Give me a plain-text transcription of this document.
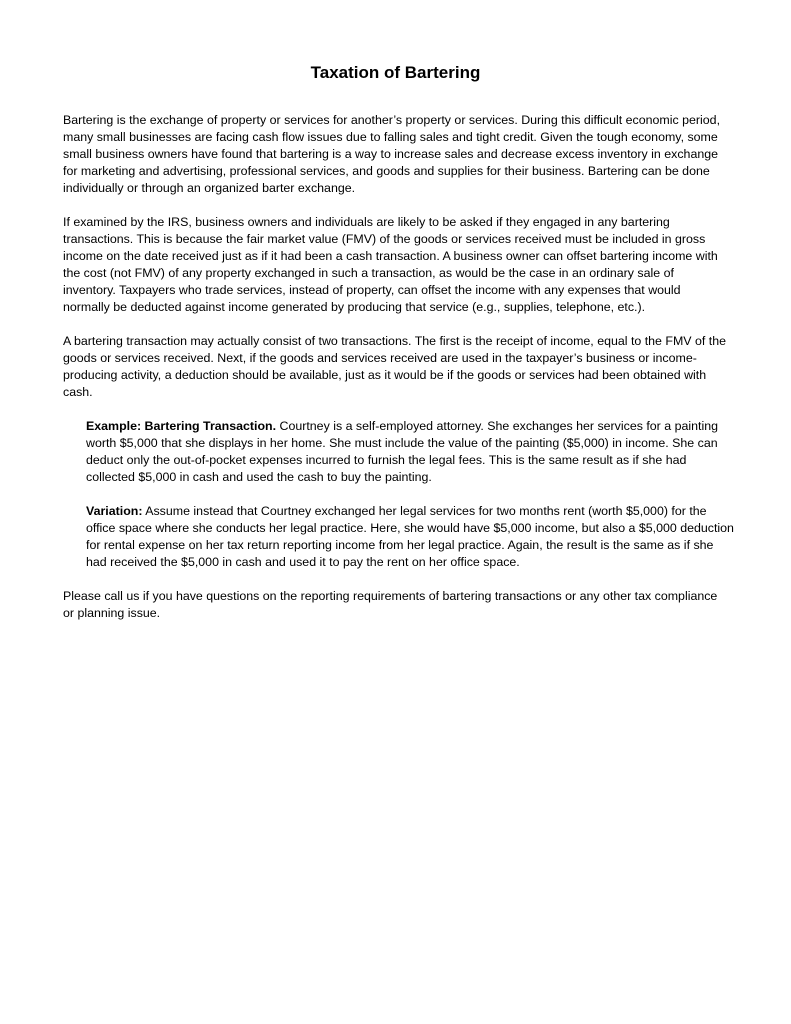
Taxation of Bartering

Bartering is the exchange of property or services for another’s property or services. During this difficult economic period, many small businesses are facing cash flow issues due to falling sales and tight credit. Given the tough economy, some small business owners have found that bartering is a way to increase sales and decrease excess inventory in exchange for marketing and advertising, professional services, and goods and supplies for their business. Bartering can be done individually or through an organized barter exchange.

If examined by the IRS, business owners and individuals are likely to be asked if they engaged in any bartering transactions. This is because the fair market value (FMV) of the goods or services received must be included in gross income on the date received just as if it had been a cash transaction. A business owner can offset bartering income with the cost (not FMV) of any property exchanged in such a transaction, as would be the case in an ordinary sale of inventory. Taxpayers who trade services, instead of property, can offset the income with any expenses that would normally be deducted against income generated by producing that service (e.g., supplies, telephone, etc.).

A bartering transaction may actually consist of two transactions. The first is the receipt of income, equal to the FMV of the goods or services received. Next, if the goods and services received are used in the taxpayer’s business or income-producing activity, a deduction should be available, just as it would be if the goods or services had been obtained with cash.

Example: Bartering Transaction. Courtney is a self-employed attorney. She exchanges her services for a painting worth $5,000 that she displays in her home. She must include the value of the painting ($5,000) in income. She can deduct only the out-of-pocket expenses incurred to furnish the legal fees. This is the same result as if she had collected $5,000 in cash and used the cash to buy the painting.

Variation: Assume instead that Courtney exchanged her legal services for two months rent (worth $5,000) for the office space where she conducts her legal practice. Here, she would have $5,000 income, but also a $5,000 deduction for rental expense on her tax return reporting income from her legal practice. Again, the result is the same as if she had received the $5,000 in cash and used it to pay the rent on her office space.

Please call us if you have questions on the reporting requirements of bartering transactions or any other tax compliance or planning issue.
